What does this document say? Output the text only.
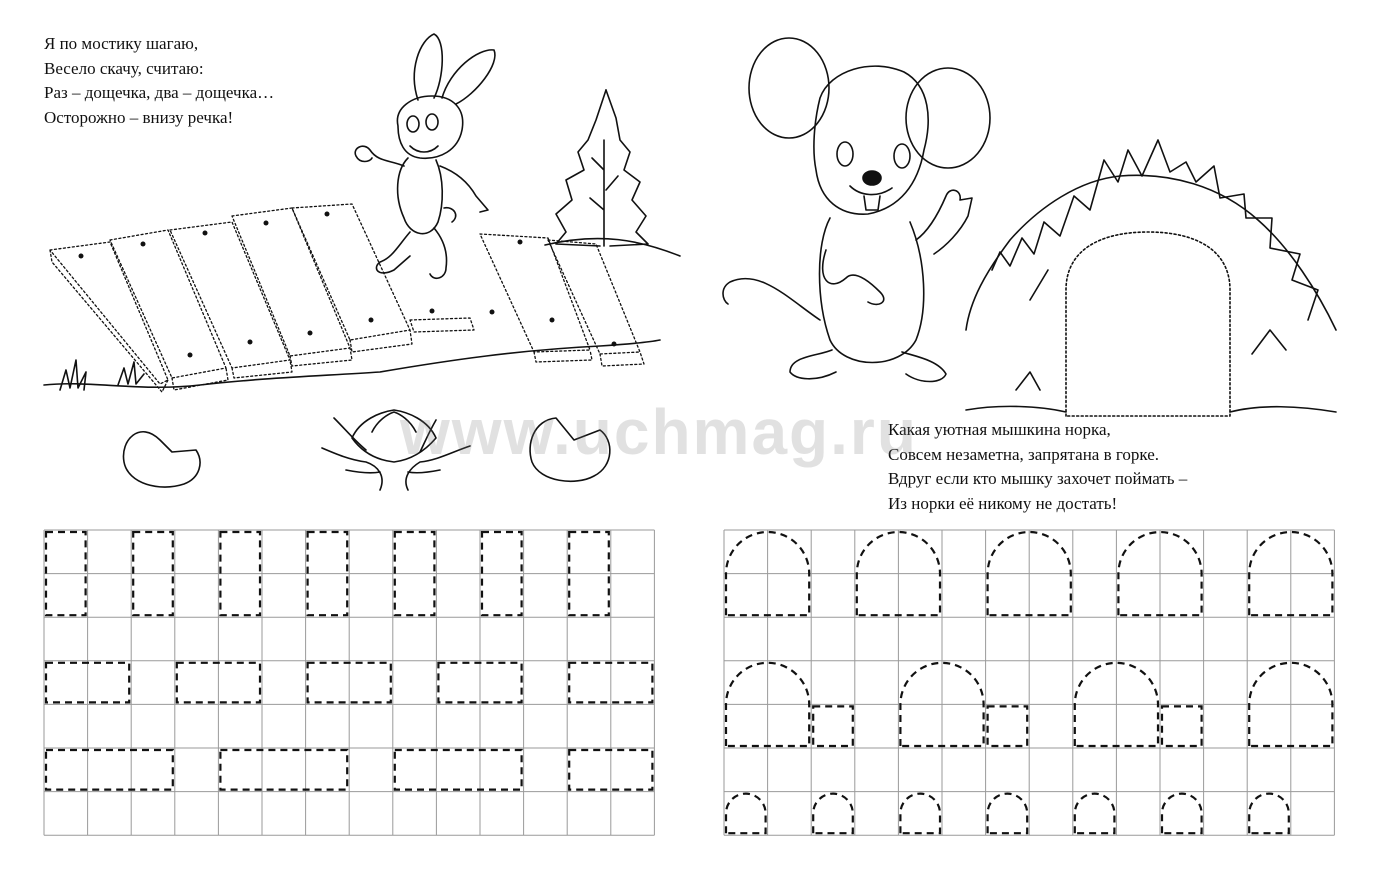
Я по мостику шагаю,
Весело скачу, считаю:
Раз – дощечка, два – дощечка…
Осторожно – внизу речка!
Какая уютная мышкина норка,
Совсем незаметна, запрятана в горке.
Вдруг если кто мышку захочет поймать –
Из норки её никому не достать!
www.uchmag.ru
